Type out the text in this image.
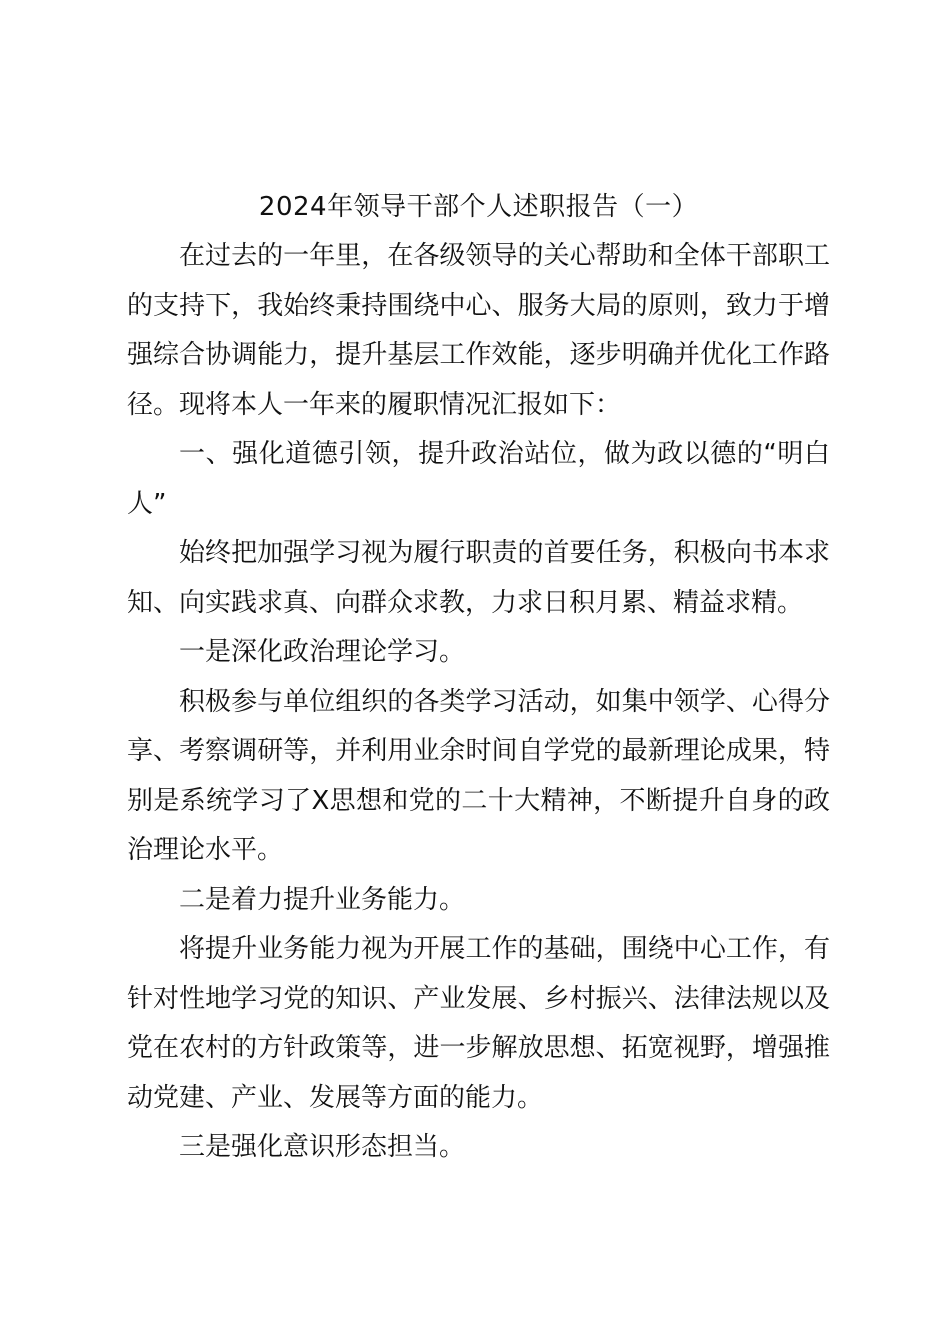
2024年领导干部个人述职报告（一）

在过去的一年里，在各级领导的关心帮助和全体干部职工的支持下，我始终秉持围绕中心、服务大局的原则，致力于增强综合协调能力，提升基层工作效能，逐步明确并优化工作路径。现将本人一年来的履职情况汇报如下：

一、强化道德引领，提升政治站位，做为政以德的“明白人”

始终把加强学习视为履行职责的首要任务，积极向书本求知、向实践求真、向群众求教，力求日积月累、精益求精。

一是深化政治理论学习。

积极参与单位组织的各类学习活动，如集中领学、心得分享、考察调研等，并利用业余时间自学党的最新理论成果，特别是系统学习了X思想和党的二十大精神，不断提升自身的政治理论水平。

二是着力提升业务能力。

将提升业务能力视为开展工作的基础，围绕中心工作，有针对性地学习党的知识、产业发展、乡村振兴、法律法规以及党在农村的方针政策等，进一步解放思想、拓宽视野，增强推动党建、产业、发展等方面的能力。

三是强化意识形态担当。
